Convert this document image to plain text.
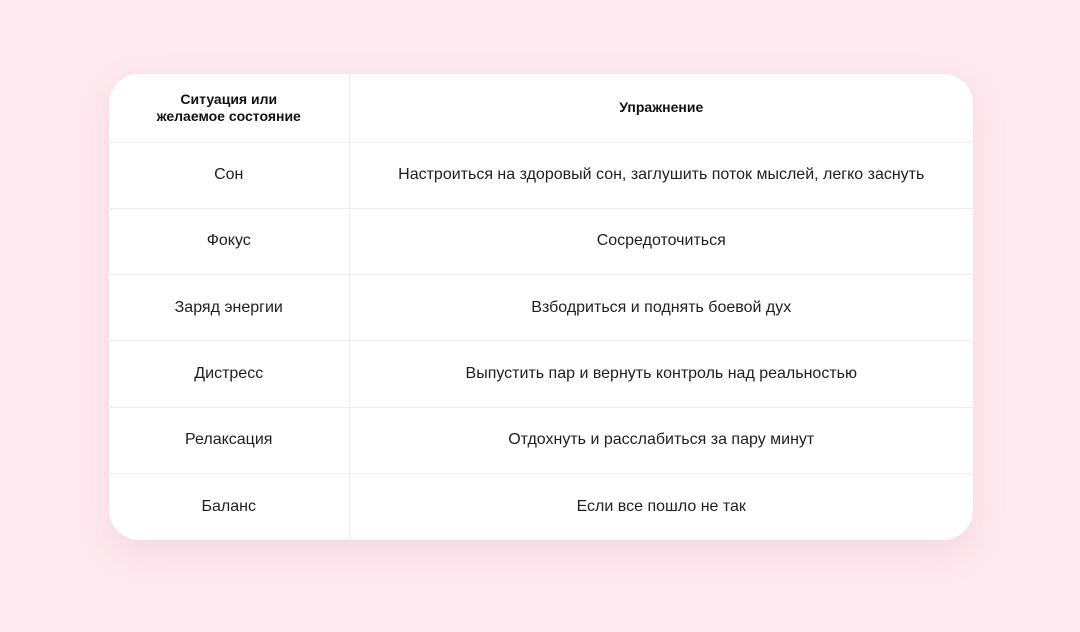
Ситуация или
желаемое состояние	Упражнение
Сон	Настроиться на здоровый сон, заглушить поток мыслей, легко заснуть
Фокус	Сосредоточиться
Заряд энергии	Взбодриться и поднять боевой дух
Дистресс	Выпустить пар и вернуть контроль над реальностью
Релаксация	Отдохнуть и расслабиться за пару минут
Баланс	Если все пошло не так
